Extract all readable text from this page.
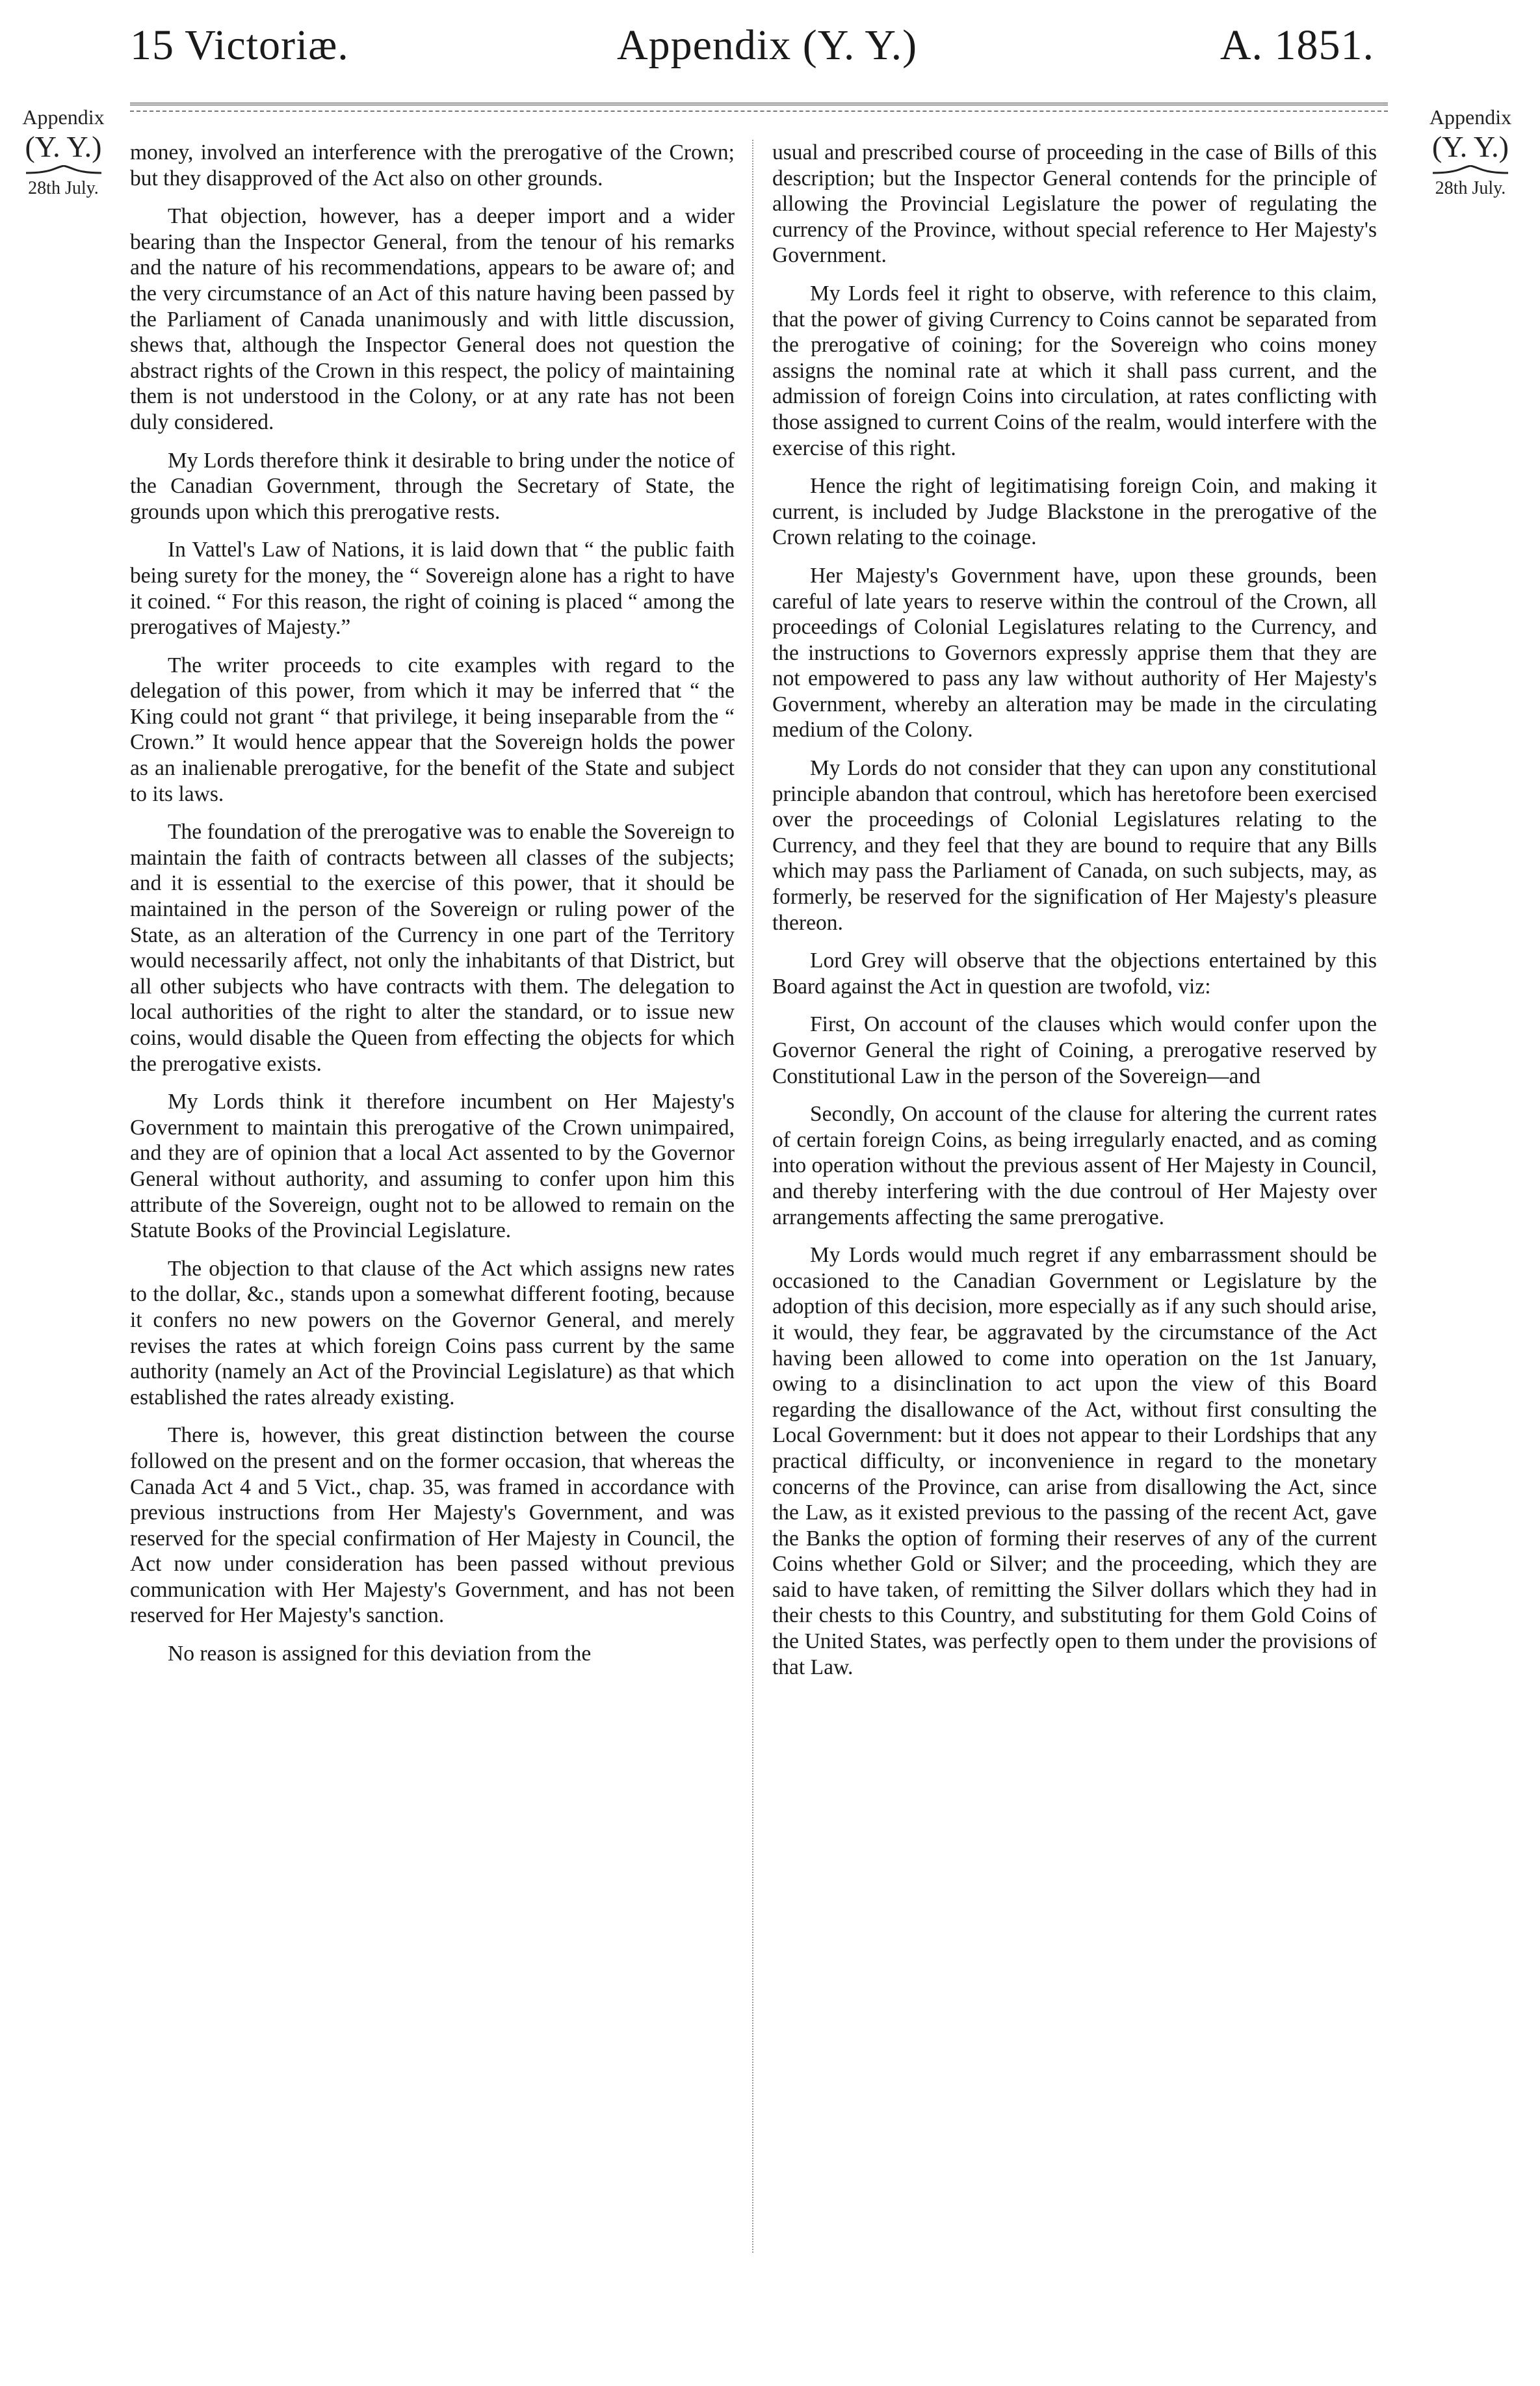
15 Victoriæ.	Appendix (Y. Y.)	A. 1851.
Appendix
(Y. Y.)
28th July.
Appendix
(Y. Y.)
28th July.

money, involved an interference with the prerogative of the Crown; but they disapproved of the Act also on other grounds.

That objection, however, has a deeper import and a wider bearing than the Inspector General, from the tenour of his remarks and the nature of his recommendations, appears to be aware of; and the very circumstance of an Act of this nature having been passed by the Parliament of Canada unanimously and with little discussion, shews that, although the Inspector General does not question the abstract rights of the Crown in this respect, the policy of maintaining them is not understood in the Colony, or at any rate has not been duly considered.

My Lords therefore think it desirable to bring under the notice of the Canadian Government, through the Secretary of State, the grounds upon which this prerogative rests.

In Vattel's Law of Nations, it is laid down that “ the public faith being surety for the money, the “ Sovereign alone has a right to have it coined. “ For this reason, the right of coining is placed “ among the prerogatives of Majesty.”

The writer proceeds to cite examples with regard to the delegation of this power, from which it may be inferred that “ the King could not grant “ that privilege, it being inseparable from the “ Crown.” It would hence appear that the Sovereign holds the power as an inalienable prerogative, for the benefit of the State and subject to its laws.

The foundation of the prerogative was to enable the Sovereign to maintain the faith of contracts between all classes of the subjects; and it is essential to the exercise of this power, that it should be maintained in the person of the Sovereign or ruling power of the State, as an alteration of the Currency in one part of the Territory would necessarily affect, not only the inhabitants of that District, but all other subjects who have contracts with them. The delegation to local authorities of the right to alter the standard, or to issue new coins, would disable the Queen from effecting the objects for which the prerogative exists.

My Lords think it therefore incumbent on Her Majesty's Government to maintain this prerogative of the Crown unimpaired, and they are of opinion that a local Act assented to by the Governor General without authority, and assuming to confer upon him this attribute of the Sovereign, ought not to be allowed to remain on the Statute Books of the Provincial Legislature.

The objection to that clause of the Act which assigns new rates to the dollar, &c., stands upon a somewhat different footing, because it confers no new powers on the Governor General, and merely revises the rates at which foreign Coins pass current by the same authority (namely an Act of the Provincial Legislature) as that which established the rates already existing.

There is, however, this great distinction between the course followed on the present and on the former occasion, that whereas the Canada Act 4 and 5 Vict., chap. 35, was framed in accordance with previous instructions from Her Majesty's Government, and was reserved for the special confirmation of Her Majesty in Council, the Act now under consideration has been passed without previous communication with Her Majesty's Government, and has not been reserved for Her Majesty's sanction.

No reason is assigned for this deviation from the

usual and prescribed course of proceeding in the case of Bills of this description; but the Inspector General contends for the principle of allowing the Provincial Legislature the power of regulating the currency of the Province, without special reference to Her Majesty's Government.

My Lords feel it right to observe, with reference to this claim, that the power of giving Currency to Coins cannot be separated from the prerogative of coining; for the Sovereign who coins money assigns the nominal rate at which it shall pass current, and the admission of foreign Coins into circulation, at rates conflicting with those assigned to current Coins of the realm, would interfere with the exercise of this right.

Hence the right of legitimatising foreign Coin, and making it current, is included by Judge Blackstone in the prerogative of the Crown relating to the coinage.

Her Majesty's Government have, upon these grounds, been careful of late years to reserve within the controul of the Crown, all proceedings of Colonial Legislatures relating to the Currency, and the instructions to Governors expressly apprise them that they are not empowered to pass any law without authority of Her Majesty's Government, whereby an alteration may be made in the circulating medium of the Colony.

My Lords do not consider that they can upon any constitutional principle abandon that controul, which has heretofore been exercised over the proceedings of Colonial Legislatures relating to the Currency, and they feel that they are bound to require that any Bills which may pass the Parliament of Canada, on such subjects, may, as formerly, be reserved for the signification of Her Majesty's pleasure thereon.

Lord Grey will observe that the objections entertained by this Board against the Act in question are twofold, viz:

First, On account of the clauses which would confer upon the Governor General the right of Coining, a prerogative reserved by Constitutional Law in the person of the Sovereign—and

Secondly, On account of the clause for altering the current rates of certain foreign Coins, as being irregularly enacted, and as coming into operation without the previous assent of Her Majesty in Council, and thereby interfering with the due controul of Her Majesty over arrangements affecting the same prerogative.

My Lords would much regret if any embarrassment should be occasioned to the Canadian Government or Legislature by the adoption of this decision, more especially as if any such should arise, it would, they fear, be aggravated by the circumstance of the Act having been allowed to come into operation on the 1st January, owing to a disinclination to act upon the view of this Board regarding the disallowance of the Act, without first consulting the Local Government: but it does not appear to their Lordships that any practical difficulty, or inconvenience in regard to the monetary concerns of the Province, can arise from disallowing the Act, since the Law, as it existed previous to the passing of the recent Act, gave the Banks the option of forming their reserves of any of the current Coins whether Gold or Silver; and the proceeding, which they are said to have taken, of remitting the Silver dollars which they had in their chests to this Country, and substituting for them Gold Coins of the United States, was perfectly open to them under the provisions of that Law.
